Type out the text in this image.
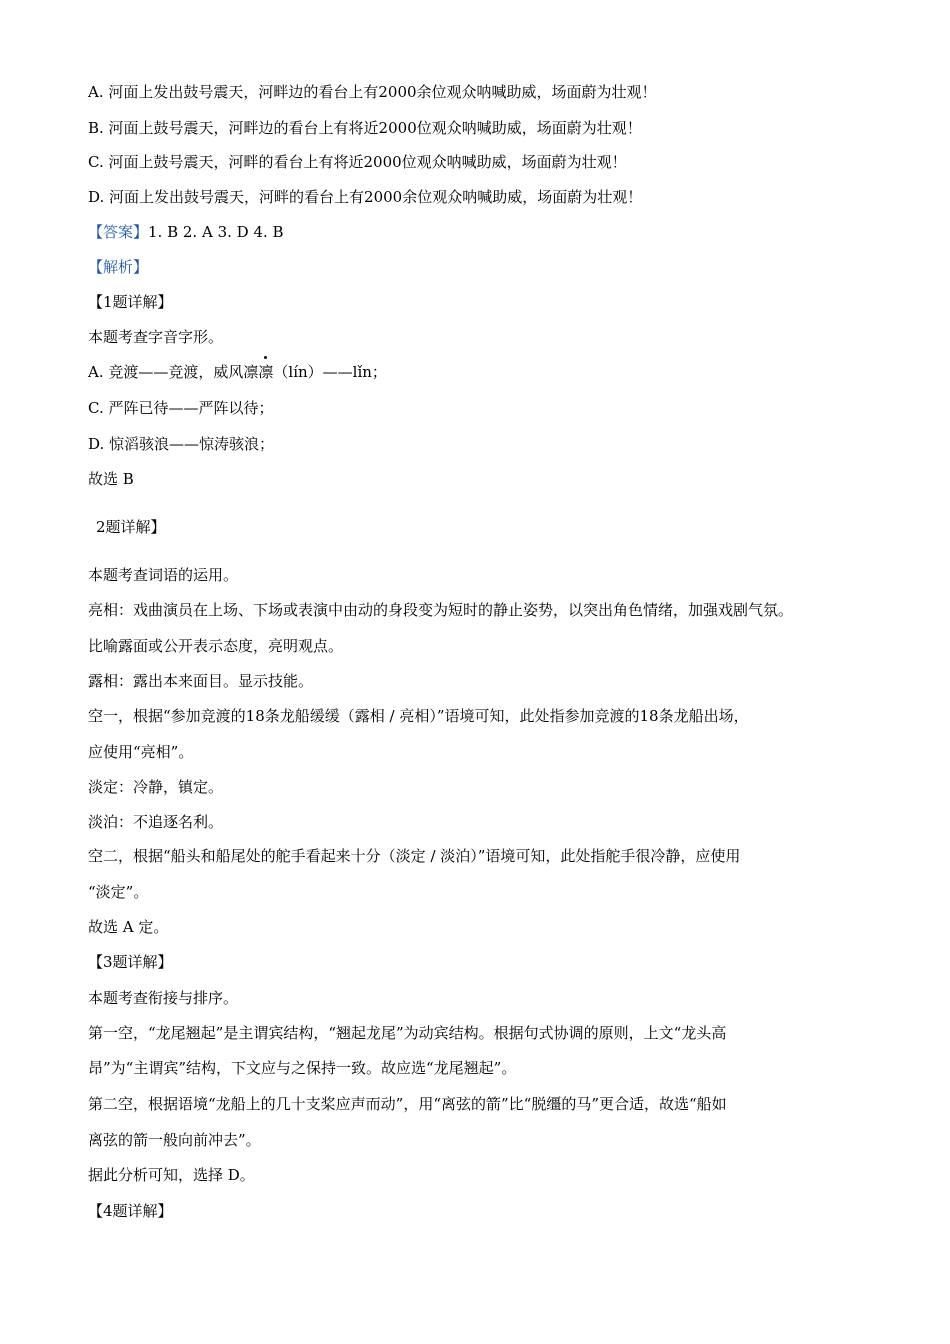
A. 河面上发出鼓号震天，河畔边的看台上有2000余位观众呐喊助威，场面蔚为壮观！
B. 河面上鼓号震天，河畔边的看台上有将近2000位观众呐喊助威，场面蔚为壮观！
C. 河面上鼓号震天，河畔的看台上有将近2000位观众呐喊助威，场面蔚为壮观！
D. 河面上发出鼓号震天，河畔的看台上有2000余位观众呐喊助威，场面蔚为壮观！
【答案】1. B 2. A 3. D 4. B
【解析】
【1题详解】
本题考查字音字形。
A. 竞渡——竞渡，威风凛凛（lín）——lǐn；
C. 严阵已待——严阵以待；
D. 惊滔骇浪——惊涛骇浪；
故选 B
2题详解】
本题考查词语的运用。
亮相：戏曲演员在上场、下场或表演中由动的身段变为短时的静止姿势，以突出角色情绪，加强戏剧气氛。
比喻露面或公开表示态度，亮明观点。
露相：露出本来面目。显示技能。
空一，根据“参加竞渡的18条龙船缓缓（露相 / 亮相）”语境可知，此处指参加竞渡的18条龙船出场，
应使用“亮相”。
淡定：冷静，镇定。
淡泊：不追逐名利。
空二，根据“船头和船尾处的舵手看起来十分（淡定 / 淡泊）”语境可知，此处指舵手很冷静，应使用
“淡定”。
故选 A 定。
【3题详解】
本题考查衔接与排序。
第一空，“龙尾翘起”是主谓宾结构，“翘起龙尾”为动宾结构。根据句式协调的原则，上文“龙头高
昂”为“主谓宾”结构，下文应与之保持一致。故应选“龙尾翘起”。
第二空，根据语境“龙船上的几十支桨应声而动”，用“离弦的箭”比“脱缰的马”更合适，故选“船如
离弦的箭一般向前冲去”。
据此分析可知，选择 D。
【4题详解】
